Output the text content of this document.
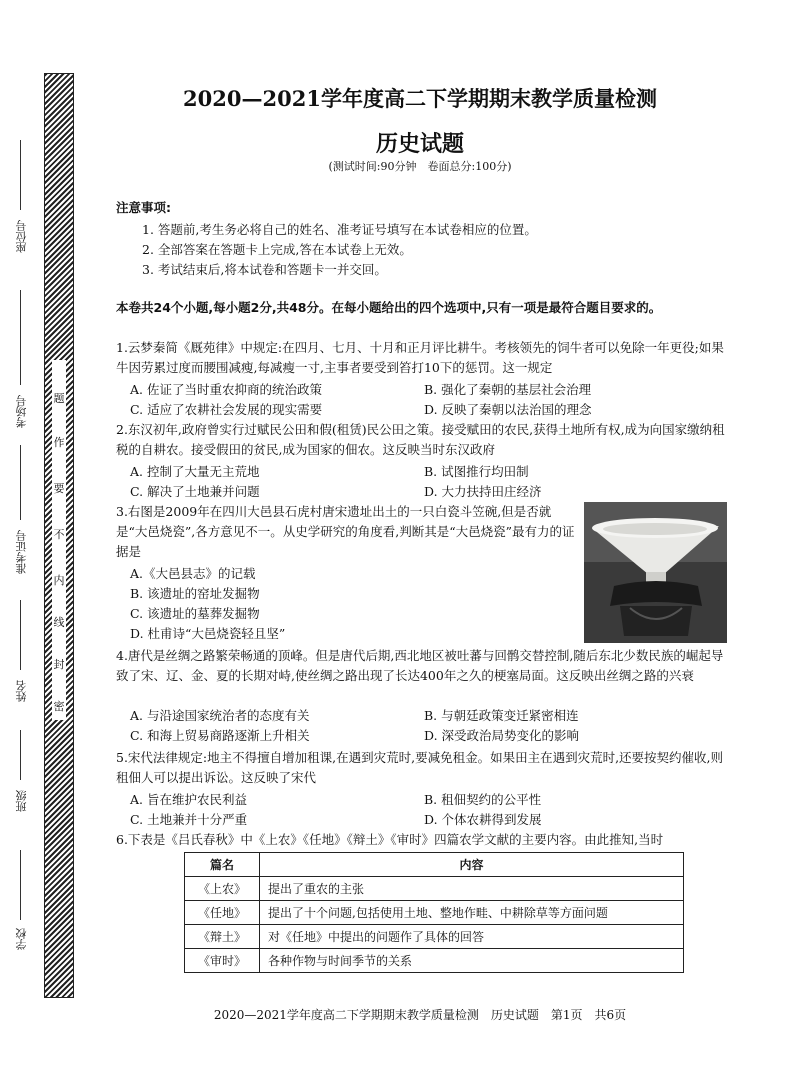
题
作
要
不
内
线
封
密
座位号
考场号
准考证号
姓名
班级
学校
2020—2021学年度高二下学期期末教学质量检测
历史试题
(测试时间:90分钟　卷面总分:100分)
注意事项:
1. 答题前,考生务必将自己的姓名、准考证号填写在本试卷相应的位置。
2. 全部答案在答题卡上完成,答在本试卷上无效。
3. 考试结束后,将本试卷和答题卡一并交回。
本卷共24个小题,每小题2分,共48分。在每小题给出的四个选项中,只有一项是最符合题目要求的。
1.云梦秦简《厩苑律》中规定:在四月、七月、十月和正月评比耕牛。考核领先的饲牛者可以免除一年更役;如果牛因劳累过度而腰围减瘦,每减瘦一寸,主事者要受到笞打10下的惩罚。这一规定
A. 佐证了当时重农抑商的统治政策	B. 强化了秦朝的基层社会治理
C. 适应了农耕社会发展的现实需要	D. 反映了秦朝以法治国的理念
2.东汉初年,政府曾实行过赋民公田和假(租赁)民公田之策。接受赋田的农民,获得土地所有权,成为向国家缴纳租税的自耕农。接受假田的贫民,成为国家的佃农。这反映当时东汉政府
A. 控制了大量无主荒地	B. 试图推行均田制
C. 解决了土地兼并问题	D. 大力扶持田庄经济
3.右图是2009年在四川大邑县石虎村唐宋遗址出土的一只白瓷斗笠碗,但是否就是“大邑烧瓷”,各方意见不一。从史学研究的角度看,判断其是“大邑烧瓷”最有力的证据是
A.《大邑县志》的记载
B. 该遗址的窑址发掘物
C. 该遗址的墓葬发掘物
D. 杜甫诗“大邑烧瓷轻且坚”
4.唐代是丝绸之路繁荣畅通的顶峰。但是唐代后期,西北地区被吐蕃与回鹘交替控制,随后东北少数民族的崛起导致了宋、辽、金、夏的长期对峙,使丝绸之路出现了长达400年之久的梗塞局面。这反映出丝绸之路的兴衰
A. 与沿途国家统治者的态度有关	B. 与朝廷政策变迁紧密相连
C. 和海上贸易商路逐渐上升相关	D. 深受政治局势变化的影响
5.宋代法律规定:地主不得擅自增加租课,在遇到灾荒时,要减免租金。如果田主在遇到灾荒时,还要按契约催收,则租佃人可以提出诉讼。这反映了宋代
A. 旨在维护农民利益	B. 租佃契约的公平性
C. 土地兼并十分严重	D. 个体农耕得到发展
6.下表是《吕氏春秋》中《上农》《任地》《辩土》《审时》四篇农学文献的主要内容。由此推知,当时
篇名	内容
《上农》	提出了重农的主张
《任地》	提出了十个问题,包括使用土地、整地作畦、中耕除草等方面问题
《辩土》	对《任地》中提出的问题作了具体的回答
《审时》	各种作物与时间季节的关系
2020—2021学年度高二下学期期末教学质量检测　历史试题　第1页　共6页
